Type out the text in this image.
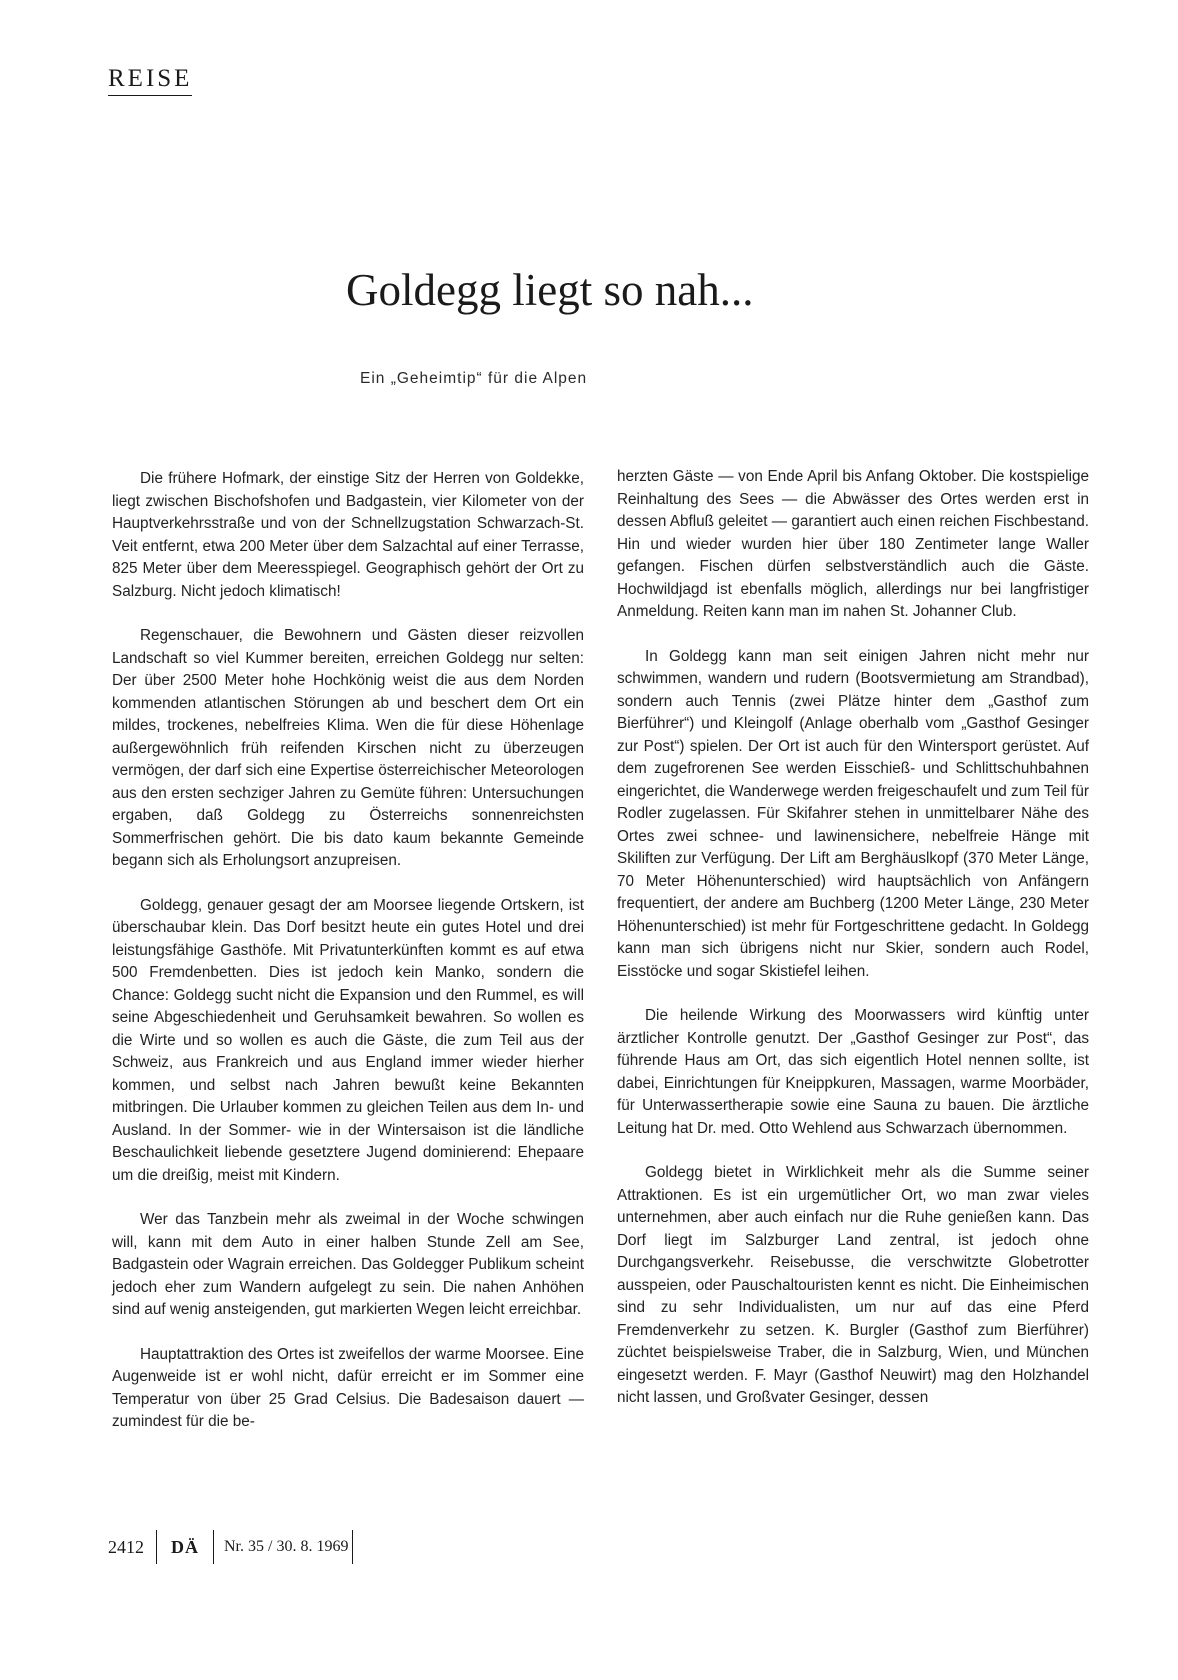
REISE
Goldegg liegt so nah...
Ein „Geheimtip“ für die Alpen

Die frühere Hofmark, der einstige Sitz der Herren von Goldekke, liegt zwischen Bischofshofen und Badgastein, vier Kilometer von der Hauptverkehrsstraße und von der Schnellzugstation Schwarzach-St. Veit entfernt, etwa 200 Meter über dem Salzachtal auf einer Terrasse, 825 Meter über dem Meeresspiegel. Geographisch gehört der Ort zu Salzburg. Nicht jedoch klimatisch!

Regenschauer, die Bewohnern und Gästen dieser reizvollen Landschaft so viel Kummer bereiten, erreichen Goldegg nur selten: Der über 2500 Meter hohe Hochkönig weist die aus dem Norden kommenden atlantischen Störungen ab und beschert dem Ort ein mildes, trockenes, nebelfreies Klima. Wen die für diese Höhenlage außergewöhnlich früh reifenden Kirschen nicht zu überzeugen vermögen, der darf sich eine Expertise österreichischer Meteorologen aus den ersten sechziger Jahren zu Gemüte führen: Untersuchungen ergaben, daß Goldegg zu Österreichs sonnenreichsten Sommerfrischen gehört. Die bis dato kaum bekannte Gemeinde begann sich als Erholungsort anzupreisen.

Goldegg, genauer gesagt der am Moorsee liegende Ortskern, ist überschaubar klein. Das Dorf besitzt heute ein gutes Hotel und drei leistungsfähige Gasthöfe. Mit Privatunterkünften kommt es auf etwa 500 Fremdenbetten. Dies ist jedoch kein Manko, sondern die Chance: Goldegg sucht nicht die Expansion und den Rummel, es will seine Abgeschiedenheit und Geruhsamkeit bewahren. So wollen es die Wirte und so wollen es auch die Gäste, die zum Teil aus der Schweiz, aus Frankreich und aus England immer wieder hierher kommen, und selbst nach Jahren bewußt keine Bekannten mitbringen. Die Urlauber kommen zu gleichen Teilen aus dem In- und Ausland. In der Sommer- wie in der Wintersaison ist die ländliche Beschaulichkeit liebende gesetztere Jugend dominierend: Ehepaare um die dreißig, meist mit Kindern.

Wer das Tanzbein mehr als zweimal in der Woche schwingen will, kann mit dem Auto in einer halben Stunde Zell am See, Badgastein oder Wagrain erreichen. Das Goldegger Publikum scheint jedoch eher zum Wandern aufgelegt zu sein. Die nahen Anhöhen sind auf wenig ansteigenden, gut markierten Wegen leicht erreichbar.

Hauptattraktion des Ortes ist zweifellos der warme Moorsee. Eine Augenweide ist er wohl nicht, dafür erreicht er im Sommer eine Temperatur von über 25 Grad Celsius. Die Badesaison dauert — zumindest für die be-

herzten Gäste — von Ende April bis Anfang Oktober. Die kostspielige Reinhaltung des Sees — die Abwässer des Ortes werden erst in dessen Abfluß geleitet — garantiert auch einen reichen Fischbestand. Hin und wieder wurden hier über 180 Zentimeter lange Waller gefangen. Fischen dürfen selbstverständlich auch die Gäste. Hochwildjagd ist ebenfalls möglich, allerdings nur bei langfristiger Anmeldung. Reiten kann man im nahen St. Johanner Club.

In Goldegg kann man seit einigen Jahren nicht mehr nur schwimmen, wandern und rudern (Bootsvermietung am Strandbad), sondern auch Tennis (zwei Plätze hinter dem „Gasthof zum Bierführer“) und Kleingolf (Anlage oberhalb vom „Gasthof Gesinger zur Post“) spielen. Der Ort ist auch für den Wintersport gerüstet. Auf dem zugefrorenen See werden Eisschieß- und Schlittschuhbahnen eingerichtet, die Wanderwege werden freigeschaufelt und zum Teil für Rodler zugelassen. Für Skifahrer stehen in unmittelbarer Nähe des Ortes zwei schnee- und lawinensichere, nebelfreie Hänge mit Skiliften zur Verfügung. Der Lift am Berghäuslkopf (370 Meter Länge, 70 Meter Höhenunterschied) wird hauptsächlich von Anfängern frequentiert, der andere am Buchberg (1200 Meter Länge, 230 Meter Höhenunterschied) ist mehr für Fortgeschrittene gedacht. In Goldegg kann man sich übrigens nicht nur Skier, sondern auch Rodel, Eisstöcke und sogar Skistiefel leihen.

Die heilende Wirkung des Moorwassers wird künftig unter ärztlicher Kontrolle genutzt. Der „Gasthof Gesinger zur Post“, das führende Haus am Ort, das sich eigentlich Hotel nennen sollte, ist dabei, Einrichtungen für Kneippkuren, Massagen, warme Moorbäder, für Unterwassertherapie sowie eine Sauna zu bauen. Die ärztliche Leitung hat Dr. med. Otto Wehlend aus Schwarzach übernommen.

Goldegg bietet in Wirklichkeit mehr als die Summe seiner Attraktionen. Es ist ein urgemütlicher Ort, wo man zwar vieles unternehmen, aber auch einfach nur die Ruhe genießen kann. Das Dorf liegt im Salzburger Land zentral, ist jedoch ohne Durchgangsverkehr. Reisebusse, die verschwitzte Globetrotter ausspeien, oder Pauschaltouristen kennt es nicht. Die Einheimischen sind zu sehr Individualisten, um nur auf das eine Pferd Fremdenverkehr zu setzen. K. Burgler (Gasthof zum Bierführer) züchtet beispielsweise Traber, die in Salzburg, Wien, und München eingesetzt werden. F. Mayr (Gasthof Neuwirt) mag den Holzhandel nicht lassen, und Großvater Gesinger, dessen

2412	DÄ	Nr. 35 / 30. 8. 1969
